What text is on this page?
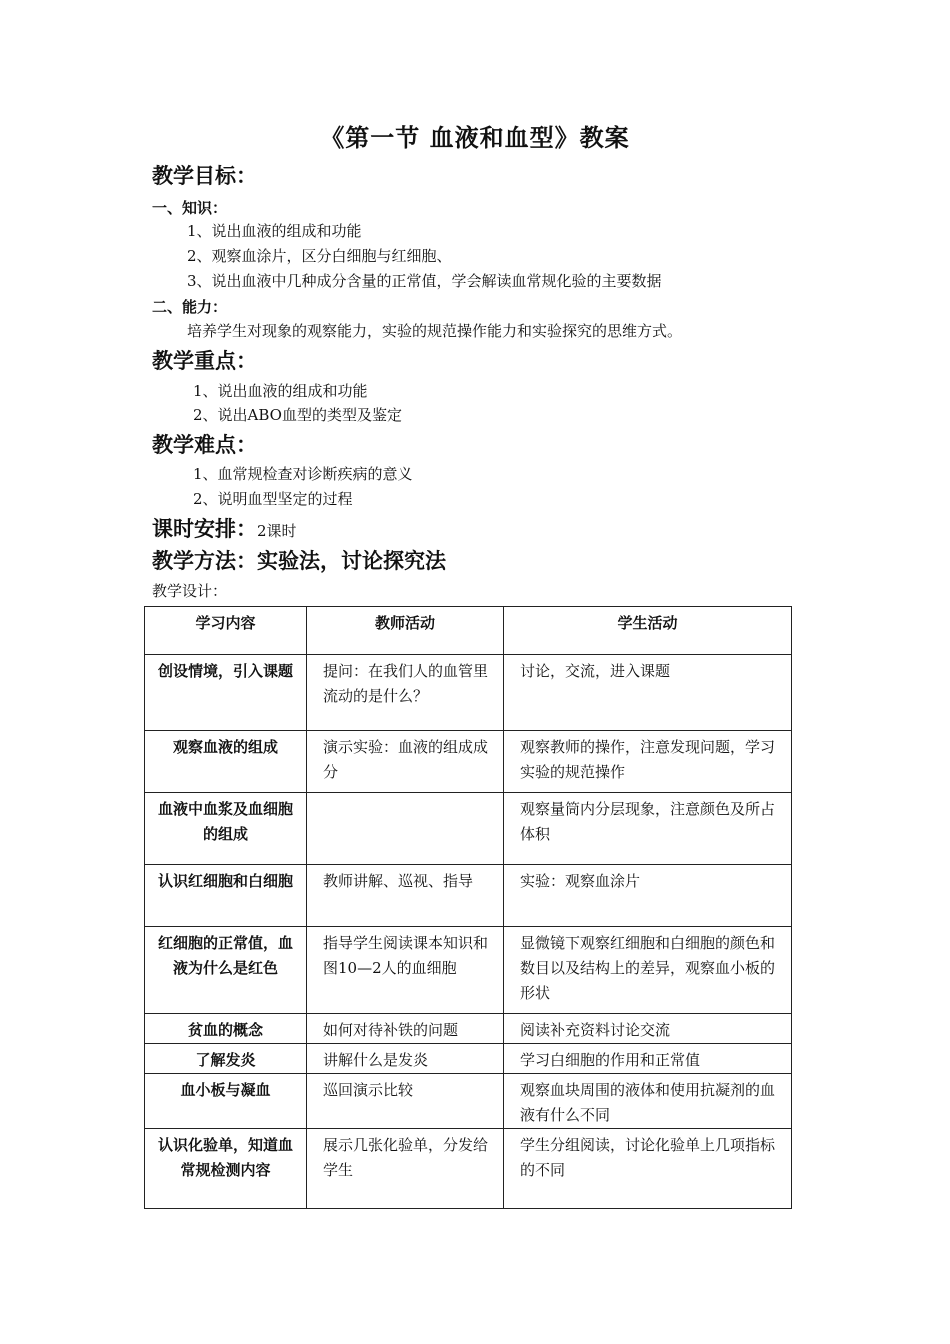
《第一节 血液和血型》教案
教学目标：
一、知识：
1、说出血液的组成和功能
2、观察血涂片，区分白细胞与红细胞、
3、说出血液中几种成分含量的正常值，学会解读血常规化验的主要数据
二、能力：
培养学生对现象的观察能力，实验的规范操作能力和实验探究的思维方式。
教学重点：
1、说出血液的组成和功能
2、说出ABO血型的类型及鉴定
教学难点：
1、血常规检查对诊断疾病的意义
2、说明血型坚定的过程
课时安排：2课时
教学方法：实验法，讨论探究法
教学设计：
学习内容	教师活动	学生活动
创设情境，引入课题	提问：在我们人的血管里流动的是什么？	讨论，交流，进入课题
观察血液的组成	演示实验：血液的组成成分	观察教师的操作，注意发现问题，学习实验的规范操作
血液中血浆及血细胞的组成		观察量筒内分层现象，注意颜色及所占体积
认识红细胞和白细胞	教师讲解、巡视、指导	实验：观察血涂片
红细胞的正常值，血液为什么是红色	指导学生阅读课本知识和图10—2人的血细胞	显微镜下观察红细胞和白细胞的颜色和数目以及结构上的差异，观察血小板的形状
贫血的概念	如何对待补铁的问题	阅读补充资料讨论交流
了解发炎	讲解什么是发炎	学习白细胞的作用和正常值
血小板与凝血	巡回演示比较	观察血块周围的液体和使用抗凝剂的血液有什么不同
认识化验单，知道血常规检测内容	展示几张化验单，分发给学生	学生分组阅读，讨论化验单上几项指标的不同
